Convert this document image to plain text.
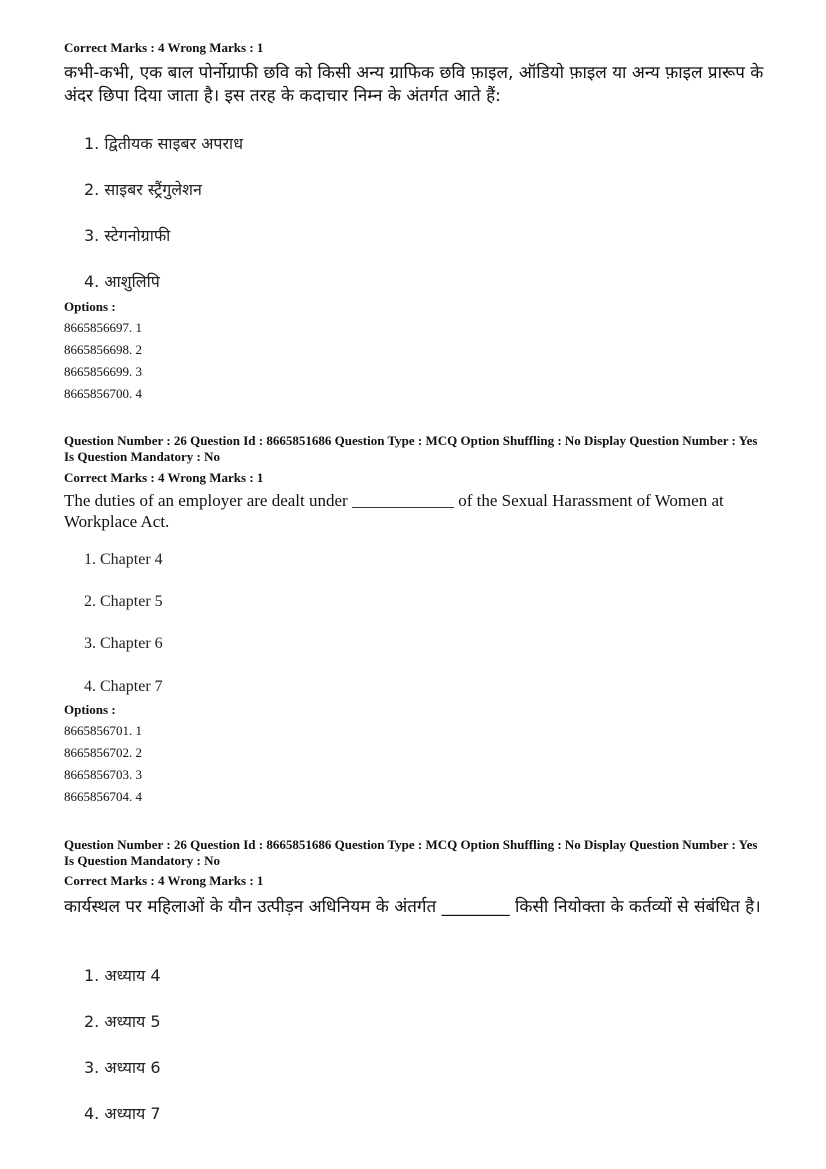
Correct Marks : 4 Wrong Marks : 1
कभी-कभी, एक बाल पोर्नोग्राफी छवि को किसी अन्य ग्राफिक छवि फ़ाइल, ऑडियो फ़ाइल या अन्य फ़ाइल प्रारूप के अंदर छिपा दिया जाता है। इस तरह के कदाचार निम्न के अंतर्गत आते हैं:
1. द्वितीयक साइबर अपराध
2. साइबर स्ट्रैंगुलेशन
3. स्टेगनोग्राफी
4. आशुलिपि
Options :
8665856697. 1
8665856698. 2
8665856699. 3
8665856700. 4
Question Number : 26 Question Id : 8665851686 Question Type : MCQ Option Shuffling : No Display Question Number : Yes Is Question Mandatory : No
Correct Marks : 4 Wrong Marks : 1
The duties of an employer are dealt under ____________ of the Sexual Harassment of Women at Workplace Act.
1. Chapter 4
2. Chapter 5
3. Chapter 6
4. Chapter 7
Options :
8665856701. 1
8665856702. 2
8665856703. 3
8665856704. 4
Question Number : 26 Question Id : 8665851686 Question Type : MCQ Option Shuffling : No Display Question Number : Yes Is Question Mandatory : No
Correct Marks : 4 Wrong Marks : 1
कार्यस्थल पर महिलाओं के यौन उत्पीड़न अधिनियम के अंतर्गत ________ किसी नियोक्ता के कर्तव्यों से संबंधित है।
1. अध्याय 4
2. अध्याय 5
3. अध्याय 6
4. अध्याय 7
